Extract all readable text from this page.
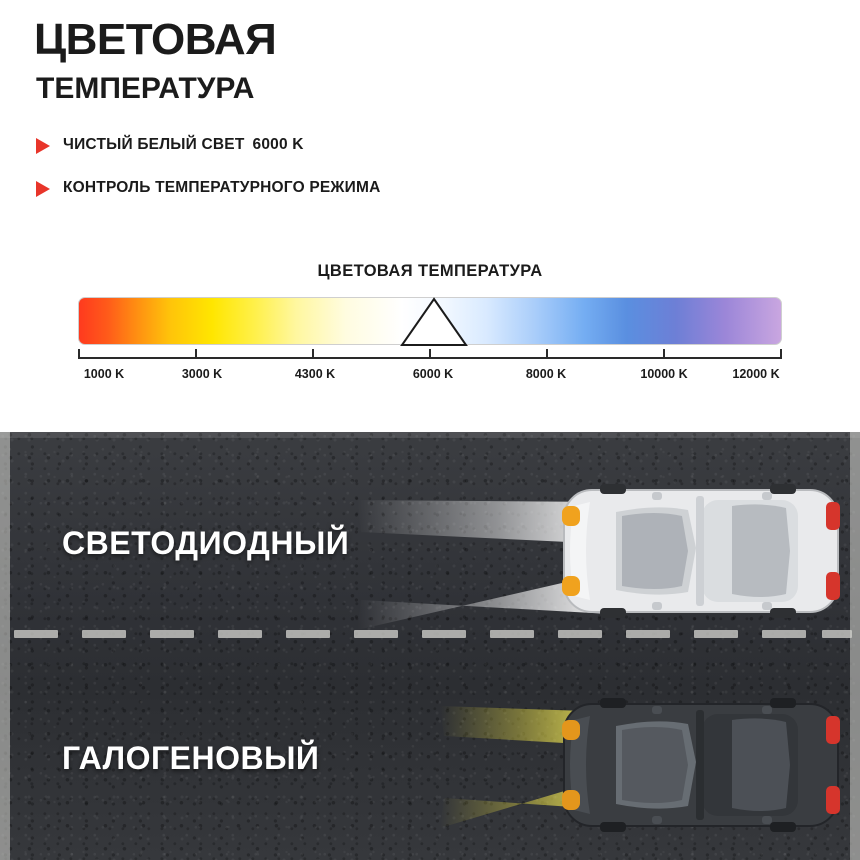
ЦВЕТОВАЯ
ТЕМПЕРАТУРА
ЧИСТЫЙ БЕЛЫЙ СВЕТ 6000 K
КОНТРОЛЬ ТЕМПЕРАТУРНОГО РЕЖИМА
ЦВЕТОВАЯ ТЕМПЕРАТУРА
1000 K	3000 K	4300 K	6000 K	8000 K	10000 K	12000 K
СВЕТОДИОДНЫЙ
ГАЛОГЕНОВЫЙ
